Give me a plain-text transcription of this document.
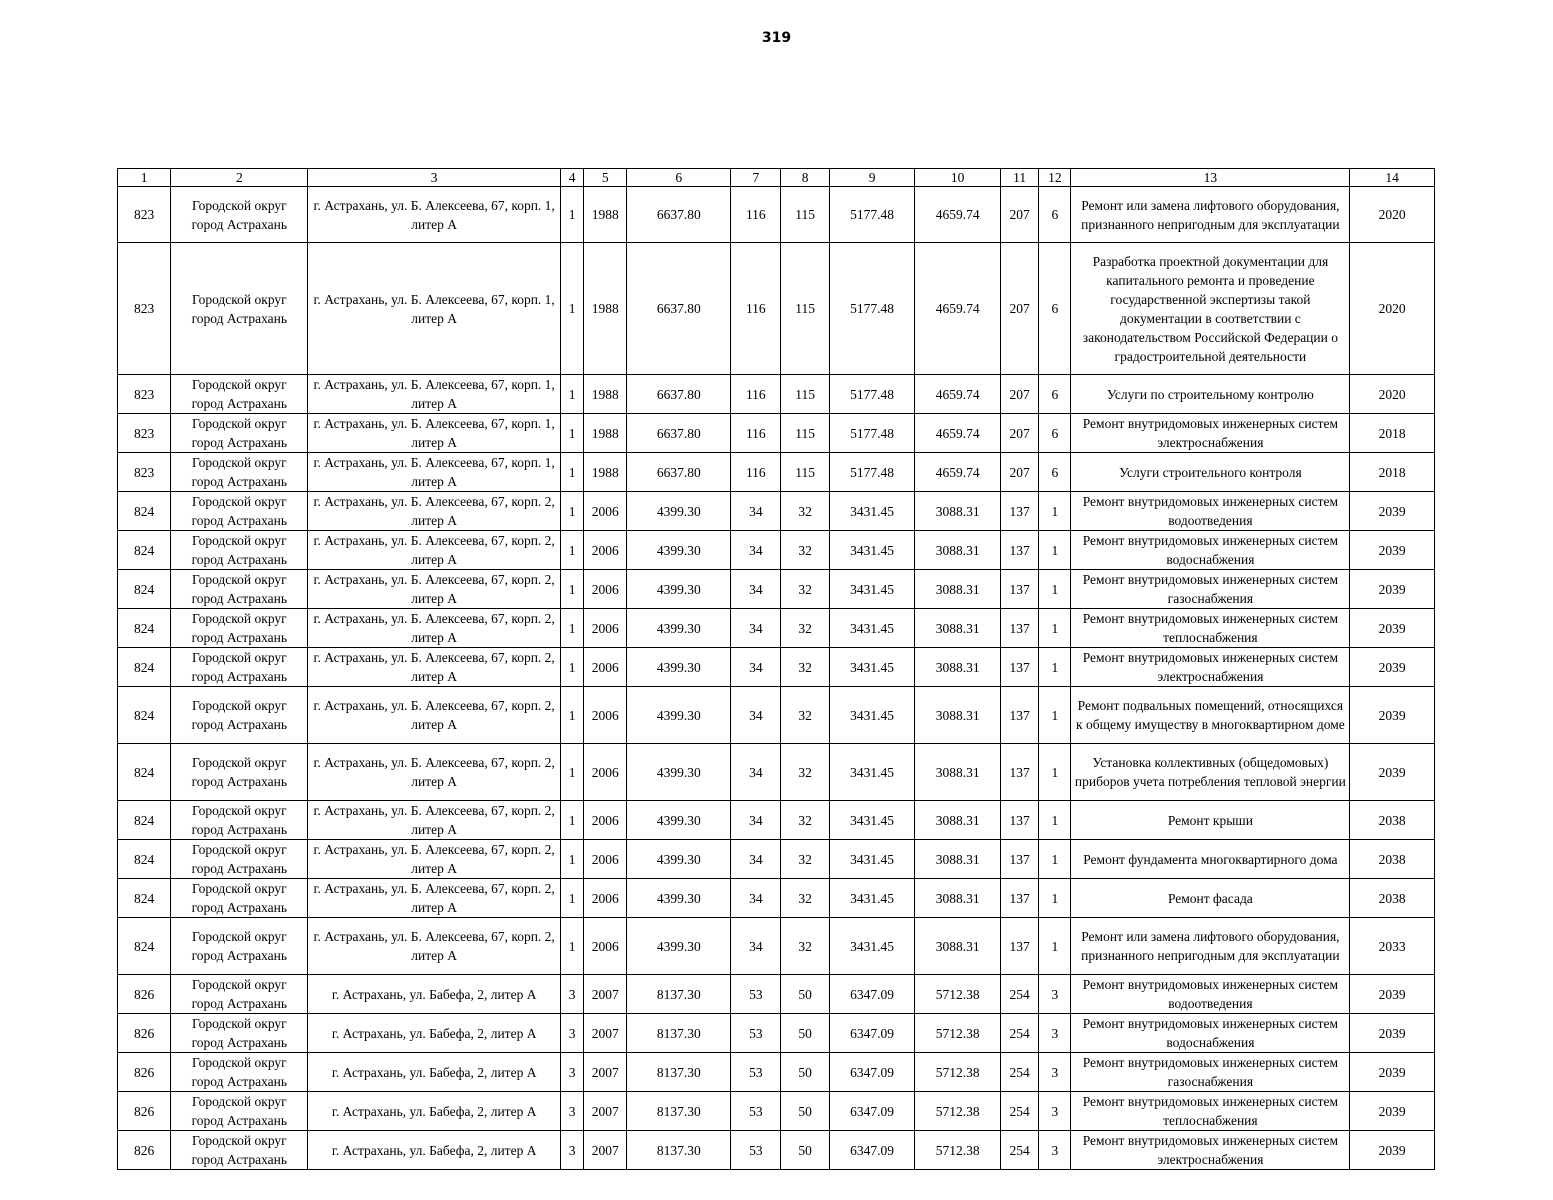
319
1	2	3	4	5	6	7	8	9	10	11	12	13	14
823	Городской округ город Астрахань	г. Астрахань, ул. Б. Алексеева, 67, корп. 1, литер А	1	1988	6637.80	116	115	5177.48	4659.74	207	6	Ремонт или замена лифтового оборудования, признанного непригодным для эксплуатации	2020
823	Городской округ город Астрахань	г. Астрахань, ул. Б. Алексеева, 67, корп. 1, литер А	1	1988	6637.80	116	115	5177.48	4659.74	207	6	Разработка проектной документации для капитального ремонта и проведение государственной экспертизы такой документации в соответствии с законодательством Российской Федерации о градостроительной деятельности	2020
823	Городской округ город Астрахань	г. Астрахань, ул. Б. Алексеева, 67, корп. 1, литер А	1	1988	6637.80	116	115	5177.48	4659.74	207	6	Услуги по строительному контролю	2020
823	Городской округ город Астрахань	г. Астрахань, ул. Б. Алексеева, 67, корп. 1, литер А	1	1988	6637.80	116	115	5177.48	4659.74	207	6	Ремонт внутридомовых инженерных систем электроснабжения	2018
823	Городской округ город Астрахань	г. Астрахань, ул. Б. Алексеева, 67, корп. 1, литер А	1	1988	6637.80	116	115	5177.48	4659.74	207	6	Услуги строительного контроля	2018
824	Городской округ город Астрахань	г. Астрахань, ул. Б. Алексеева, 67, корп. 2, литер А	1	2006	4399.30	34	32	3431.45	3088.31	137	1	Ремонт внутридомовых инженерных систем водоотведения	2039
824	Городской округ город Астрахань	г. Астрахань, ул. Б. Алексеева, 67, корп. 2, литер А	1	2006	4399.30	34	32	3431.45	3088.31	137	1	Ремонт внутридомовых инженерных систем водоснабжения	2039
824	Городской округ город Астрахань	г. Астрахань, ул. Б. Алексеева, 67, корп. 2, литер А	1	2006	4399.30	34	32	3431.45	3088.31	137	1	Ремонт внутридомовых инженерных систем газоснабжения	2039
824	Городской округ город Астрахань	г. Астрахань, ул. Б. Алексеева, 67, корп. 2, литер А	1	2006	4399.30	34	32	3431.45	3088.31	137	1	Ремонт внутридомовых инженерных систем теплоснабжения	2039
824	Городской округ город Астрахань	г. Астрахань, ул. Б. Алексеева, 67, корп. 2, литер А	1	2006	4399.30	34	32	3431.45	3088.31	137	1	Ремонт внутридомовых инженерных систем электроснабжения	2039
824	Городской округ город Астрахань	г. Астрахань, ул. Б. Алексеева, 67, корп. 2, литер А	1	2006	4399.30	34	32	3431.45	3088.31	137	1	Ремонт подвальных помещений, относящихся к общему имуществу в многоквартирном доме	2039
824	Городской округ город Астрахань	г. Астрахань, ул. Б. Алексеева, 67, корп. 2, литер А	1	2006	4399.30	34	32	3431.45	3088.31	137	1	Установка коллективных (общедомовых) приборов учета потребления тепловой энергии	2039
824	Городской округ город Астрахань	г. Астрахань, ул. Б. Алексеева, 67, корп. 2, литер А	1	2006	4399.30	34	32	3431.45	3088.31	137	1	Ремонт крыши	2038
824	Городской округ город Астрахань	г. Астрахань, ул. Б. Алексеева, 67, корп. 2, литер А	1	2006	4399.30	34	32	3431.45	3088.31	137	1	Ремонт фундамента многоквартирного дома	2038
824	Городской округ город Астрахань	г. Астрахань, ул. Б. Алексеева, 67, корп. 2, литер А	1	2006	4399.30	34	32	3431.45	3088.31	137	1	Ремонт фасада	2038
824	Городской округ город Астрахань	г. Астрахань, ул. Б. Алексеева, 67, корп. 2, литер А	1	2006	4399.30	34	32	3431.45	3088.31	137	1	Ремонт или замена лифтового оборудования, признанного непригодным для эксплуатации	2033
826	Городской округ город Астрахань	г. Астрахань, ул. Бабефа, 2, литер А	3	2007	8137.30	53	50	6347.09	5712.38	254	3	Ремонт внутридомовых инженерных систем водоотведения	2039
826	Городской округ город Астрахань	г. Астрахань, ул. Бабефа, 2, литер А	3	2007	8137.30	53	50	6347.09	5712.38	254	3	Ремонт внутридомовых инженерных систем водоснабжения	2039
826	Городской округ город Астрахань	г. Астрахань, ул. Бабефа, 2, литер А	3	2007	8137.30	53	50	6347.09	5712.38	254	3	Ремонт внутридомовых инженерных систем газоснабжения	2039
826	Городской округ город Астрахань	г. Астрахань, ул. Бабефа, 2, литер А	3	2007	8137.30	53	50	6347.09	5712.38	254	3	Ремонт внутридомовых инженерных систем теплоснабжения	2039
826	Городской округ город Астрахань	г. Астрахань, ул. Бабефа, 2, литер А	3	2007	8137.30	53	50	6347.09	5712.38	254	3	Ремонт внутридомовых инженерных систем электроснабжения	2039
